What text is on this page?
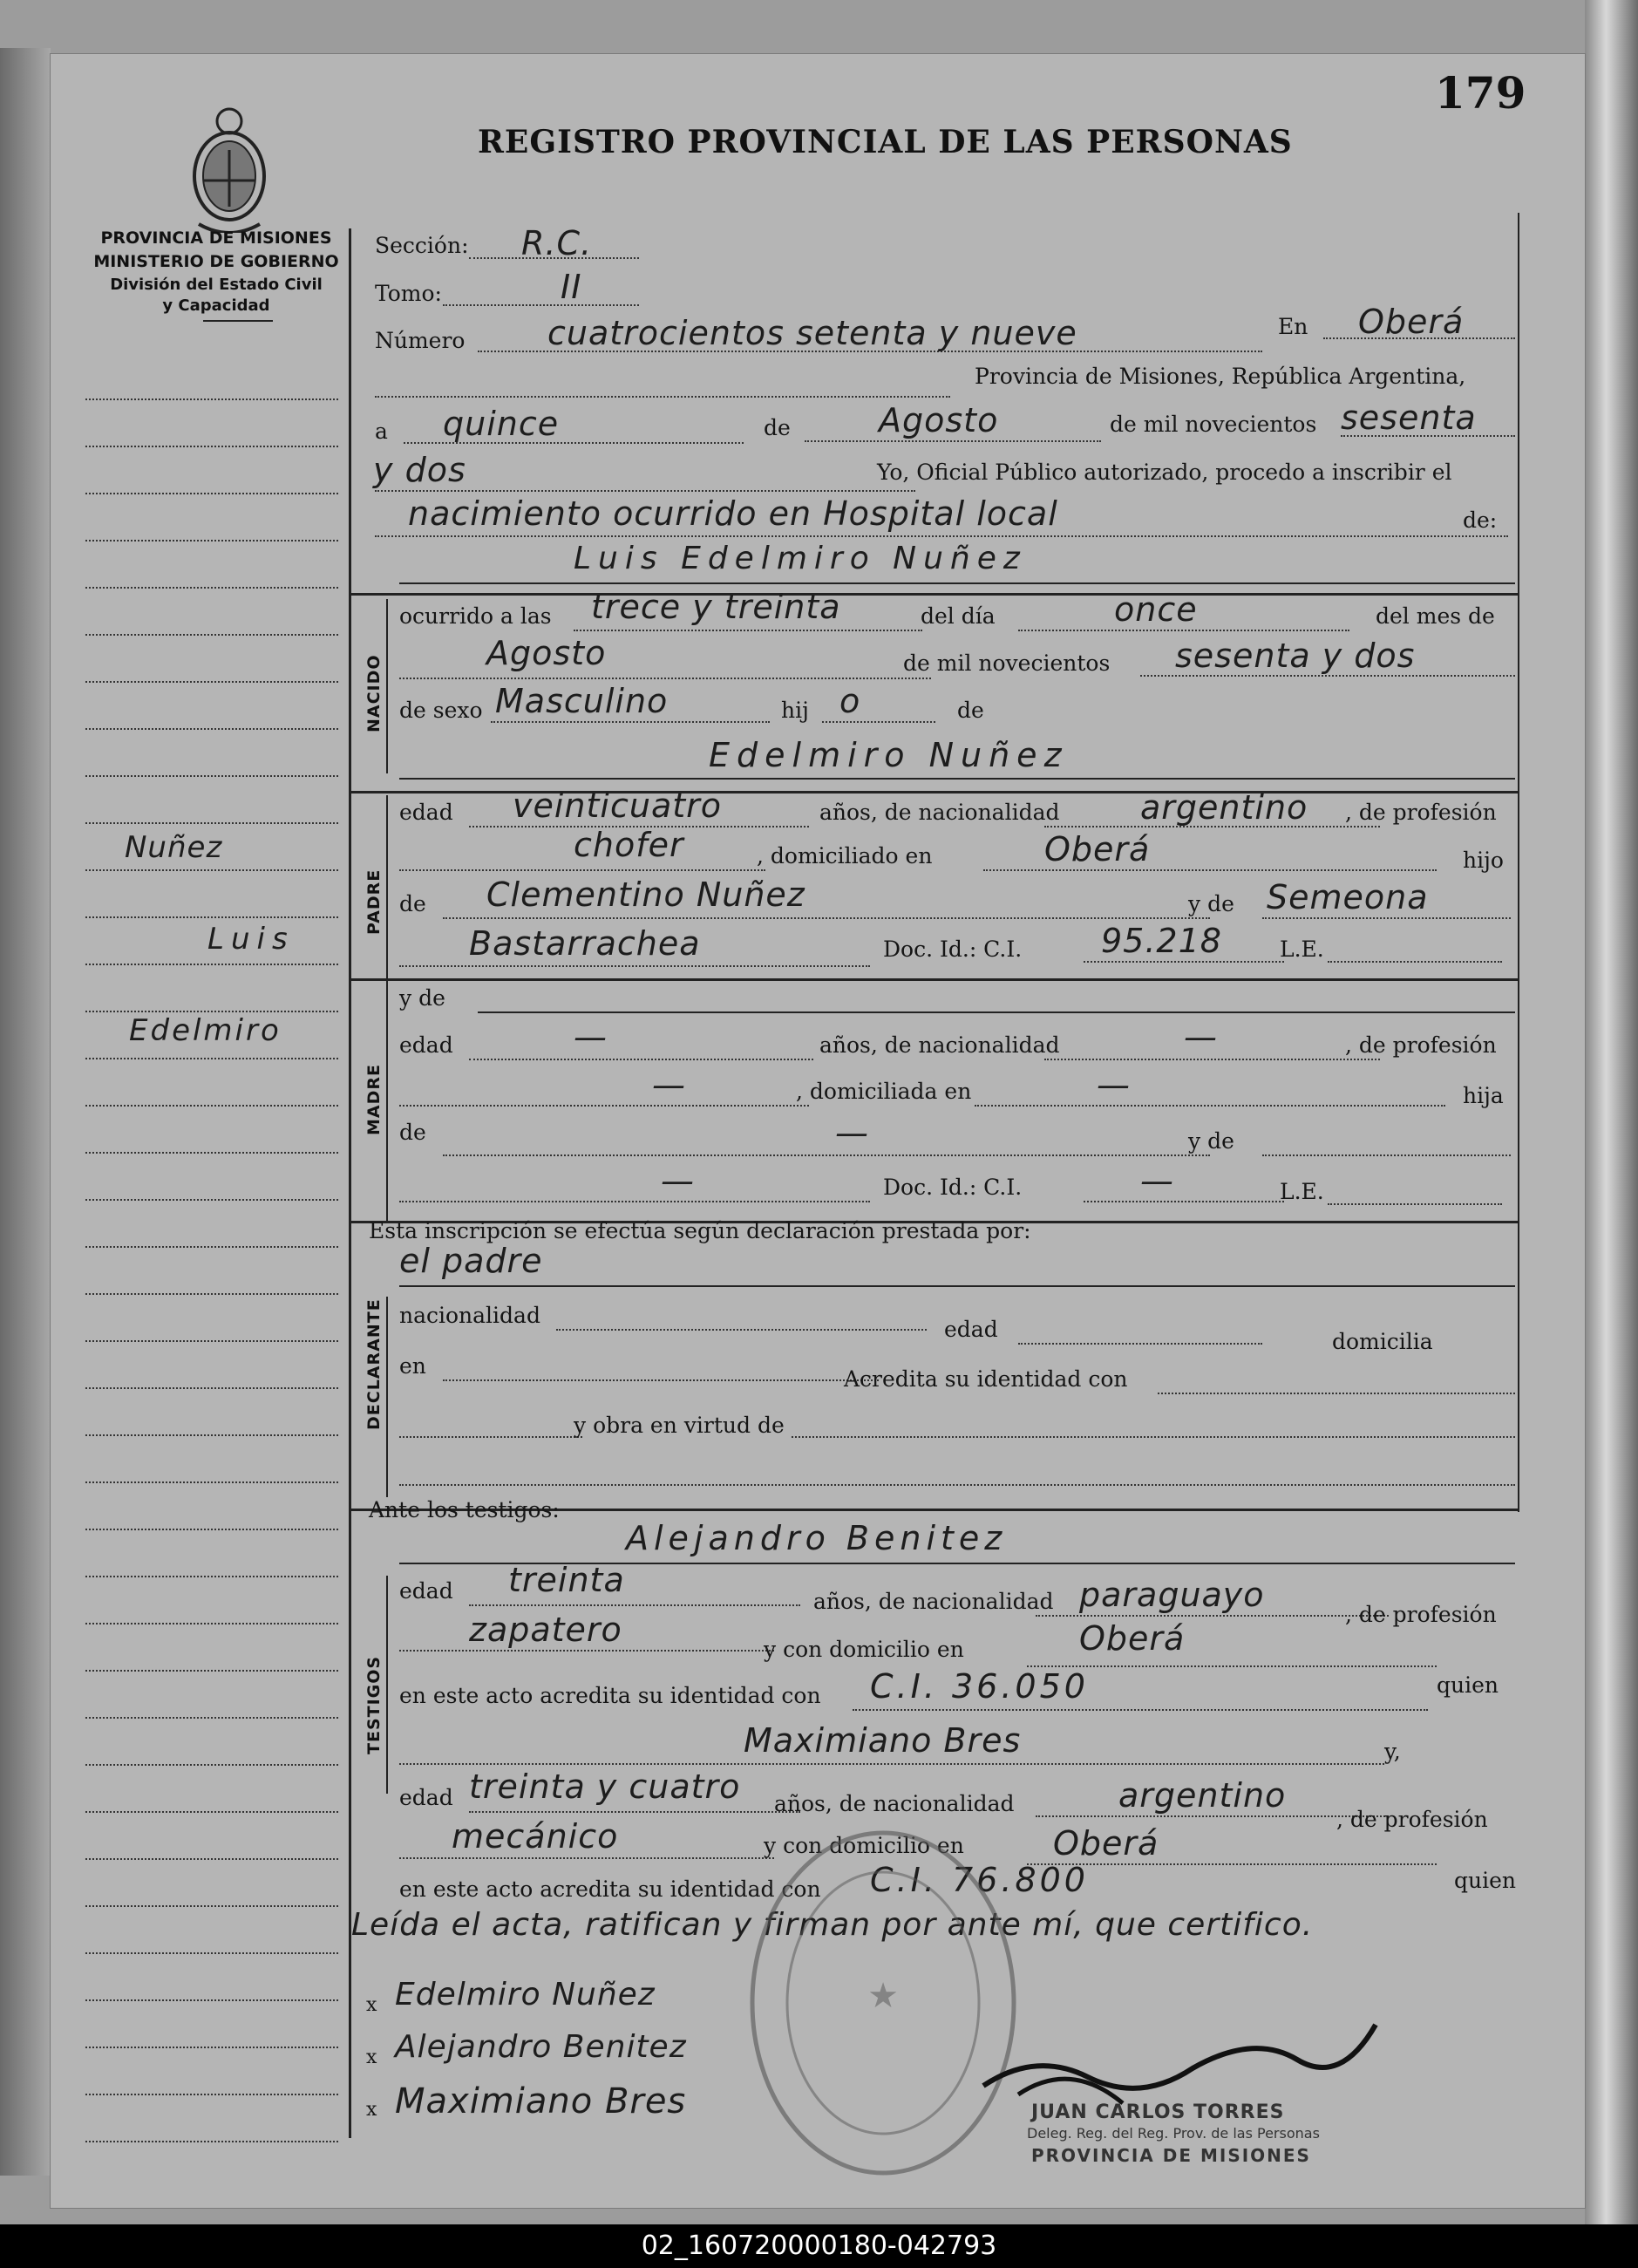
PROVINCIA DE MISIONES
MINISTERIO DE GOBIERNO
División del Estado Civil
y Capacidad
REGISTRO PROVINCIAL DE LAS PERSONAS
179
Nuñez
Luis
Edelmiro
Sección: R.C.
Tomo:	II
Número cuatrocientos setenta y nueve	En Oberá
Provincia de Misiones, República Argentina,
a quince	de	Agosto	de mil novecientos sesenta
y dos	Yo, Oficial Público autorizado, procedo a inscribir el
nacimiento ocurrido en Hospital local	de:
Luis Edelmiro Nuñez
NACIDO
ocurrido a las trece y treinta	del día	once	del mes de
Agosto	de mil novecientos sesenta y dos
de sexo Masculino	hij o	de
Edelmiro Nuñez
PADRE
edad veinticuatro	años, de nacionalidad argentino , de profesión
chofer	, domiciliado en	Oberá	hijo
de Clementino Nuñez	y de Semeona
Bastarrachea	Doc. Id.: C.I. 95.218	L.E.
MADRE
y de
edad	—	años, de nacionalidad	—	, de profesión
—	, domiciliada en	—	hija
de	—	y de
—	Doc. Id.: C.I.	—	L.E.
Esta inscripción se efectúa según declaración prestada por:
el padre
DECLARANTE nacionalidad
edad	domicilia
en
Acredita su identidad con
y obra en virtud de
Ante los testigos:
Alejandro Benitez
TESTIGOS
edad treinta
años, de nacionalidad paraguayo
, de profesión
zapatero
y con domicilio en	Oberá
en este acto acredita su identidad con C.I. 36.050	quien
Maximiano Bres	y,
edad treinta y cuatro años, de nacionalidad	argentino
, de profesión
mecánico	y con domicilio en	Oberá
en este acto acredita su identidad con C.I. 76.800	quien
Leída el acta, ratifican y firman por ante mí, que certifico.
Edelmiro Nuñez
Alejandro Benitez
Maximiano Bres
x
x
x
★
JUAN CARLOS TORRES
Deleg. Reg. del Reg. Prov. de las Personas
PROVINCIA DE MISIONES
02_160720000180-042793
